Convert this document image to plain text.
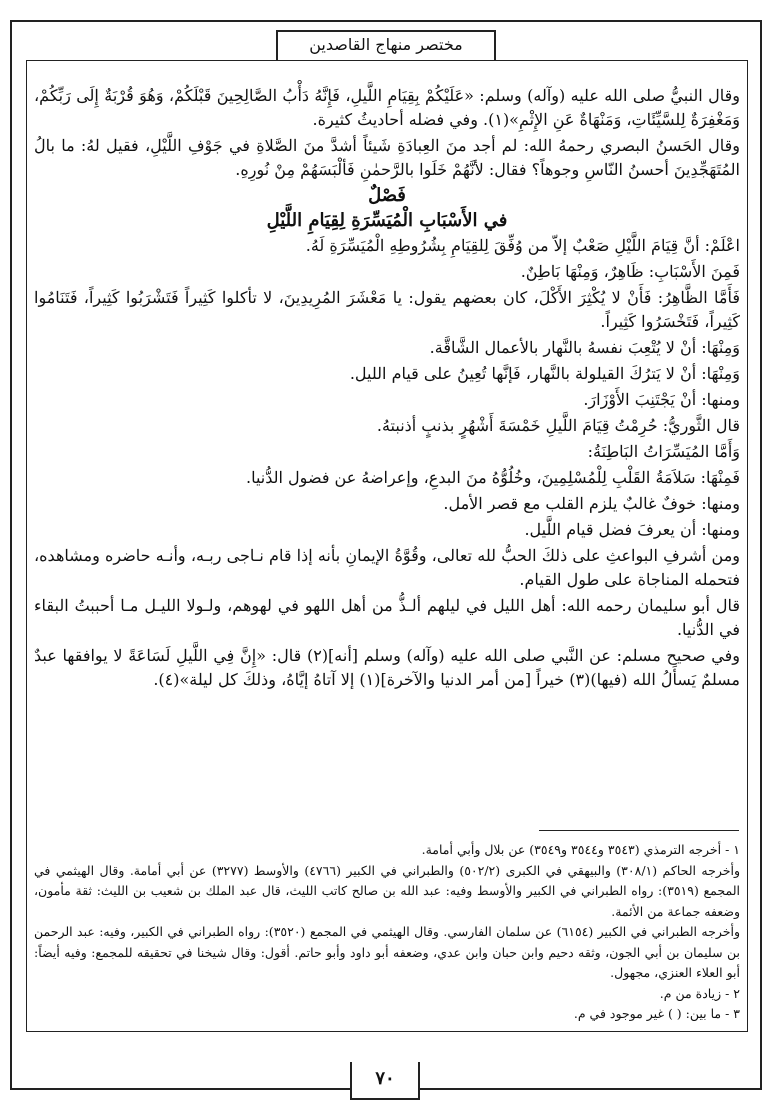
مختصر منهاج القاصدين

وقال النبيُّ صلى الله عليه (وآله) وسلم: «عَلَيْكُمْ بِقِيَامِ اللَّيلِ، فَإِنَّهُ دَأْبُ الصَّالِحِينَ قَبْلَكُمْ، وَهُوَ قُرْبَةٌ إِلَى رَبِّكُمْ، وَمَغْفِرَةٌ لِلسَّيِّئَاتِ، وَمَنْهَاةٌ عَنِ الإِثْمِ»(١). وفي فضله أحاديثُ كثيرة.

وقال الحَسنُ البصري رحمهُ الله: لم أجد منَ العِبادَةِ شَيئاً أشدَّ منَ الصَّلاةِ في جَوْفِ اللَّيْلِ، فقيل لهُ: ما بالُ المُتَهَجِّدِينَ أحسنُ النّاسِ وجوهاً؟ فقال: لأنَّهُمْ خَلَوا بالرَّحمٰنِ فَألْبَسَهُمْ مِنْ نُورِهِ.

فَصْلٌ
في الأَسْبَابِ الْمُيَسِّرَةِ لِقِيَامِ اللَّيْلِ

اعْلَمْ: أنَّ قِيَامَ اللَّيْلِ صَعْبٌ إلاّ من وُفِّقَ لِلقِيَامِ بِشُرُوطِهِ الْمُيَسِّرَةِ لَهُ.

فَمِنَ الأَسْبَابِ: ظَاهِرٌ، وَمِنْهَا بَاطِنٌ.

فَأَمَّا الظَّاهِرُ: فَأَنْ لا يُكْثِرَ الأَكْلَ، كان بعضهم يقول: يا مَعْشَرَ المُرِيدِينَ، لا تأكلوا كَثِيراً فَتَشْرَبُوا كَثِيراً، فَتَنَامُوا كَثِيراً، فَتَخْسَرُوا كَثِيراً.

وَمِنْهَا: أنْ لا يُتْعِبَ نفسهُ بالنَّهار بالأعمال الشَّاقَّة.

وَمِنْهَا: أنْ لا يَترُكَ القيلولة بالنَّهار، فَإنَّها تُعِينُ على قيام الليل.

ومنها: أنْ يَجْتَنِبَ الأَوْزَارَ.

قال الثَّوريُّ: حُرِمْتُ قِيَامَ اللَّيلِ خَمْسَةَ أَشْهُرٍ بذنبٍ أذنبتهُ.

وَأَمَّا المُيَسِّرَاتُ البَاطِنَةُ:

فَمِنْهَا: سَلاَمَةُ القَلْبِ لِلْمُسْلِمِينَ، وخُلُوُّهُ منَ البدعِ، وإعراضهُ عن فضول الدُّنيا.

ومنها: خوفٌ غالبٌ يلزم القلب مع قصر الأمل.

ومنها: أن يعرفَ فضل قيام اللَّيل.

ومن أشرفِ البواعثِ على ذلكَ الحبُّ لله تعالى، وقُوَّةُ الإيمانِ بأنه إذا قام نـاجى ربـه، وأنـه حاضره ومشاهده، فتحمله المناجاة على طول القيام.

قال أبو سليمان رحمه الله: أهل الليل في ليلهم ألـذُّ من أهل اللهو في لهوهم، ولـولا الليـل مـا أحببتُ البقاء في الدُّنيا.

وفي صحيح مسلم: عن النَّبي صلى الله عليه (وآله) وسلم [أنه](٢) قال: «إِنَّ فِي اللَّيلِ لَسَاعَةً لا يوافقها عبدٌ مسلمٌ يَسأَلُ الله (فيها)(٣) خيراً [من أمر الدنيا والآخرة](١) إلا آتاهُ إيَّاهُ، وذلكَ كل ليلة»(٤).

١ - أخرجه الترمذي (٣٥٤٣ و٣٥٤٤ و٣٥٤٩) عن بلال وأبي أمامة.
وأخرجه الحاكم (٣٠٨/١) والبيهقي في الكبرى (٥٠٢/٢) والطبراني في الكبير (٤٧٦٦) والأوسط (٣٢٧٧) عن أبي أمامة. وقال الهيثمي في المجمع (٣٥١٩): رواه الطبراني في الكبير والأوسط وفيه: عبد الله بن صالح كاتب الليث، قال عبد الملك بن شعيب بن الليث: ثقة مأمون، وضعفه جماعة من الأئمة.
وأخرجه الطبراني في الكبير (٦١٥٤) عن سلمان الفارسي. وقال الهيثمي في المجمع (٣٥٢٠): رواه الطبراني في الكبير، وفيه: عبد الرحمن بن سليمان بن أبي الجون، وثقه دحيم وابن حبان وابن عدي، وضعفه أبو داود وأبو حاتم. أقول: وقال شيخنا في تحقيقه للمجمع: وفيه أيضاً: أبو العلاء العنزي، مجهول.
٢ - زيادة من م.
٣ - ما بين: ( ) غير موجود في م.
٧٠
